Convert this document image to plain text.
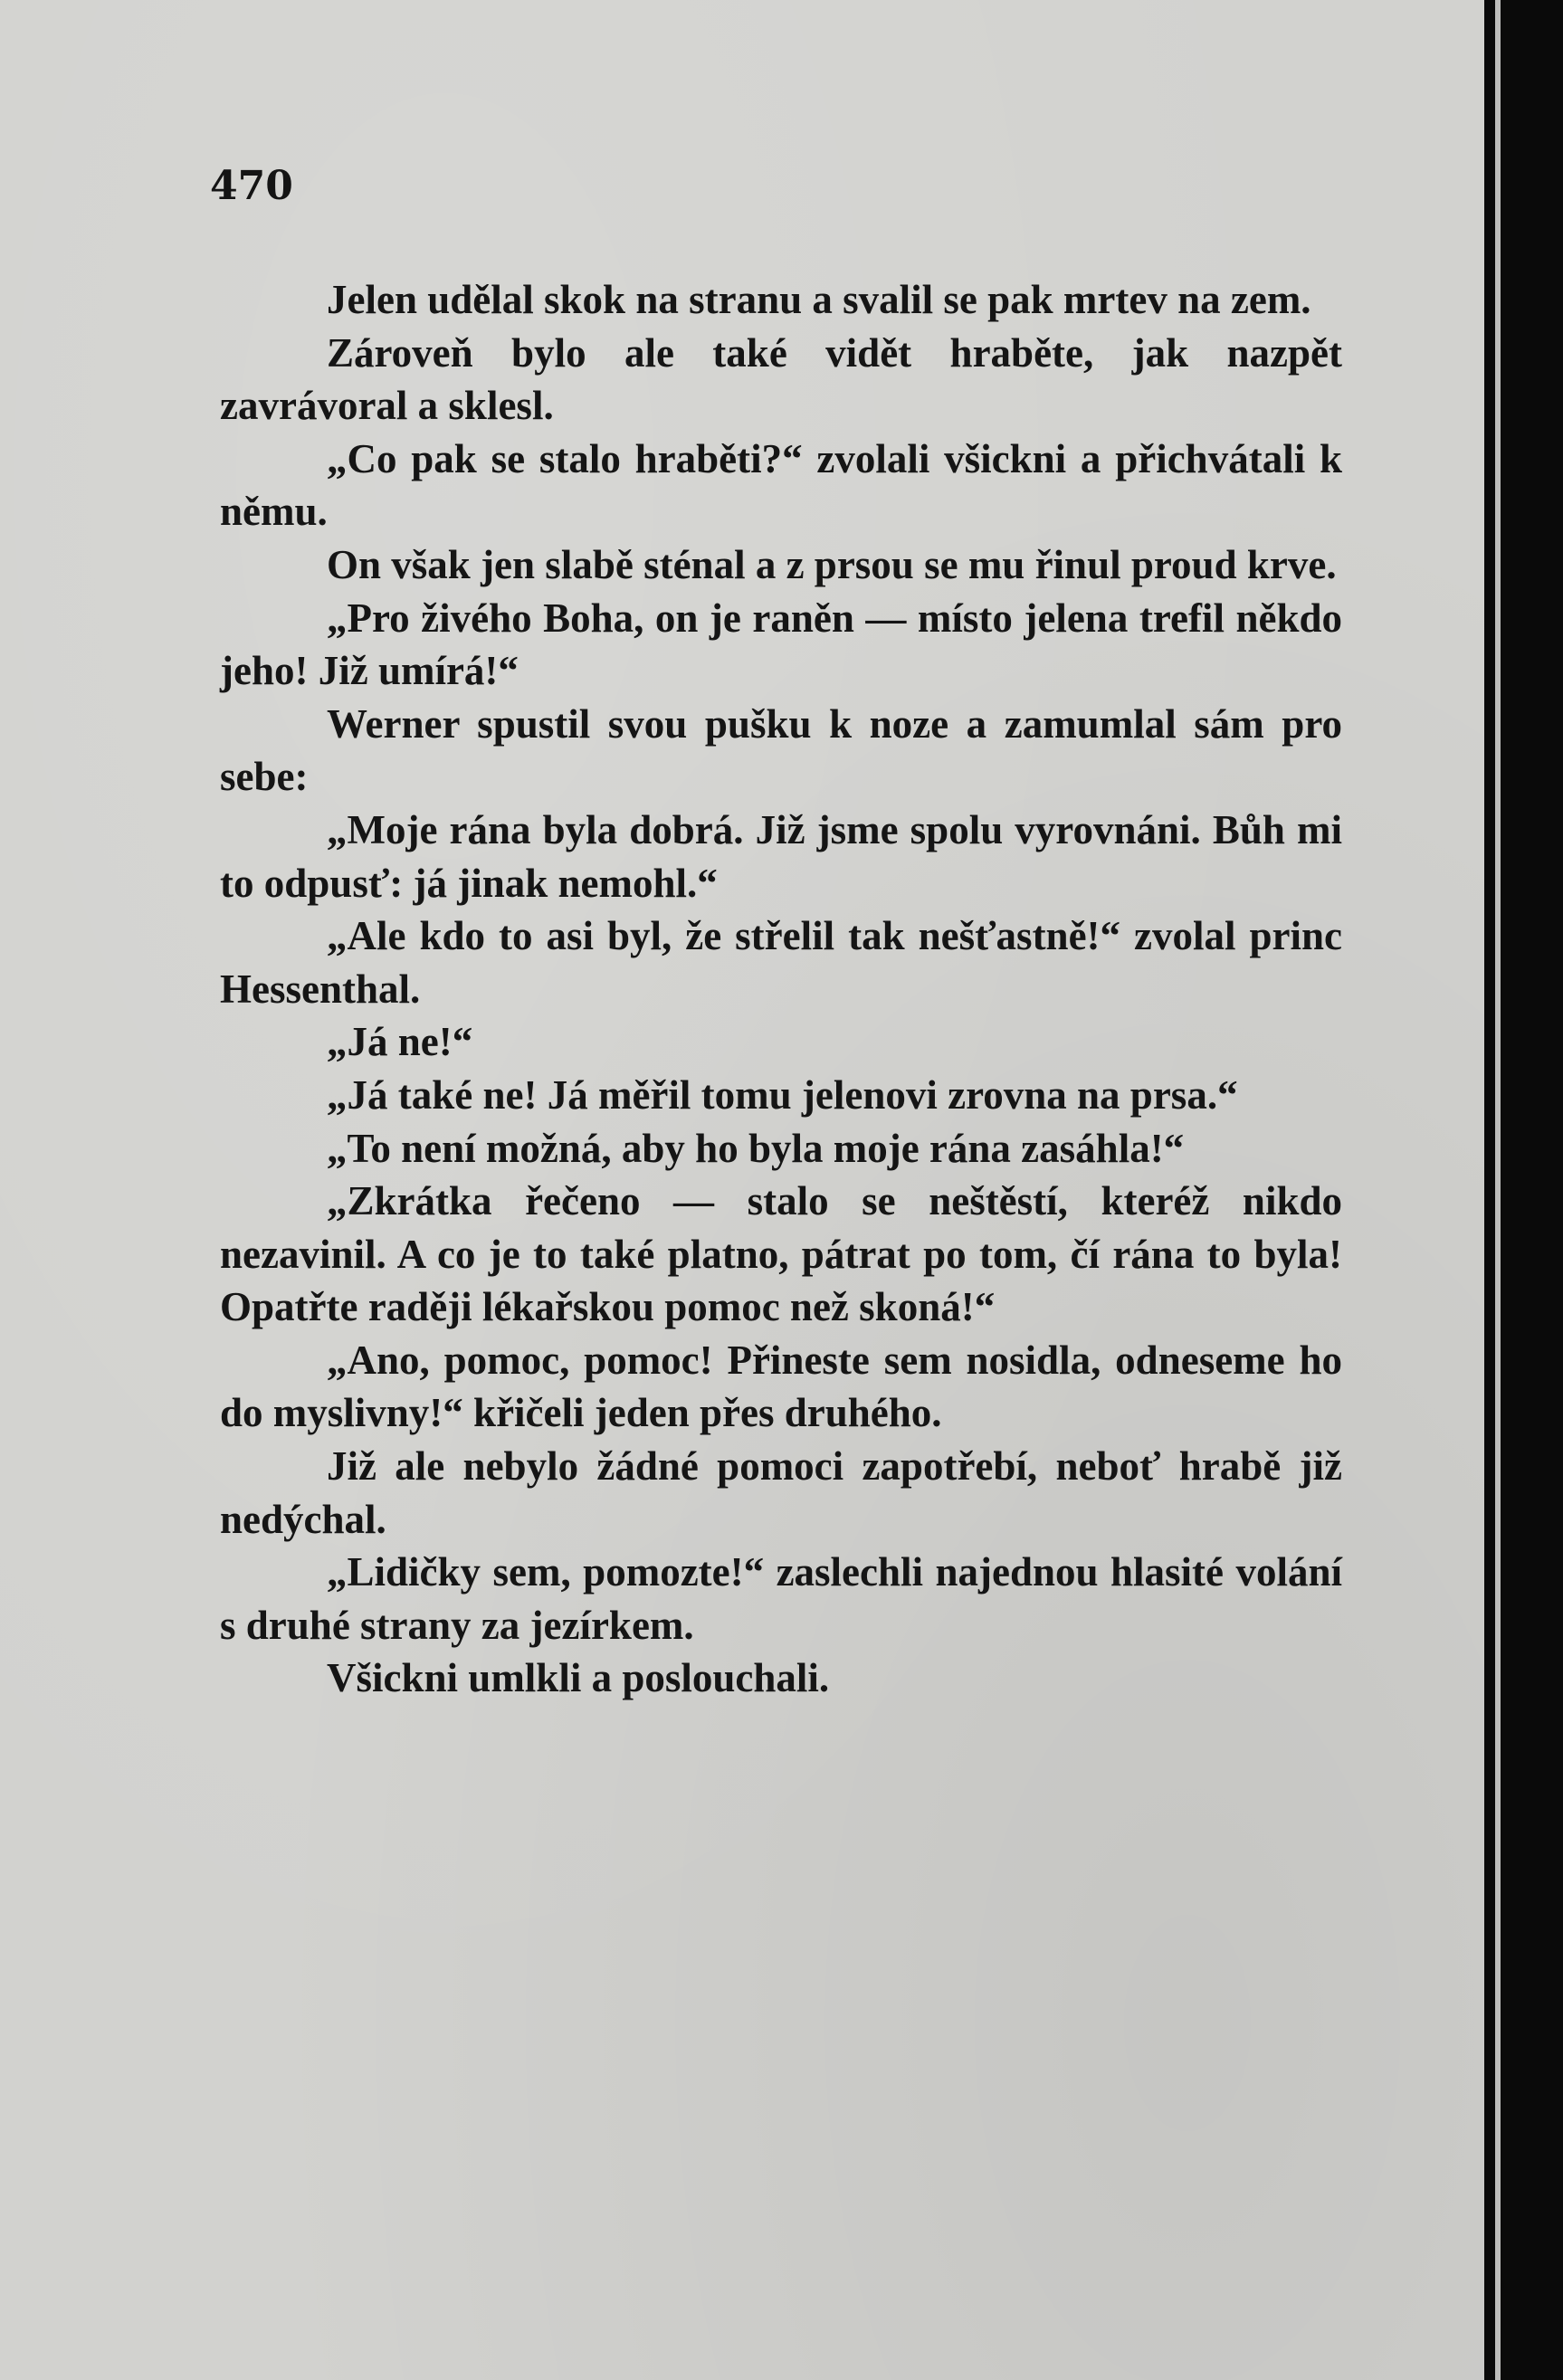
470

Jelen udělal skok na stranu a svalil se pak mrtev na zem.

Zároveň bylo ale také vidět hraběte, jak nazpět zavrávoral a sklesl.

„Co pak se stalo hraběti?“ zvolali všickni a přichvátali k němu.

On však jen slabě sténal a z prsou se mu řinul proud krve.

„Pro živého Boha, on je raněn — místo jelena trefil někdo jeho! Již umírá!“

Werner spustil svou pušku k noze a zamumlal sám pro sebe:

„Moje rána byla dobrá. Již jsme spolu vyrovnáni. Bůh mi to odpusť: já jinak nemohl.“

„Ale kdo to asi byl, že střelil tak nešťastně!“ zvolal princ Hessenthal.

„Já ne!“

„Já také ne! Já měřil tomu jelenovi zrovna na prsa.“

„To není možná, aby ho byla moje rána zasáhla!“

„Zkrátka řečeno — stalo se neštěstí, kteréž nikdo nezavinil. A co je to také platno, pátrat po tom, čí rána to byla! Opatřte raději lékařskou pomoc než skoná!“

„Ano, pomoc, pomoc! Přineste sem nosidla, odneseme ho do myslivny!“ křičeli jeden přes druhého.

Již ale nebylo žádné pomoci zapotřebí, neboť hrabě již nedýchal.

„Lidičky sem, pomozte!“ zaslechli najednou hlasité volání s druhé strany za jezírkem.

Všickni umlkli a poslouchali.
